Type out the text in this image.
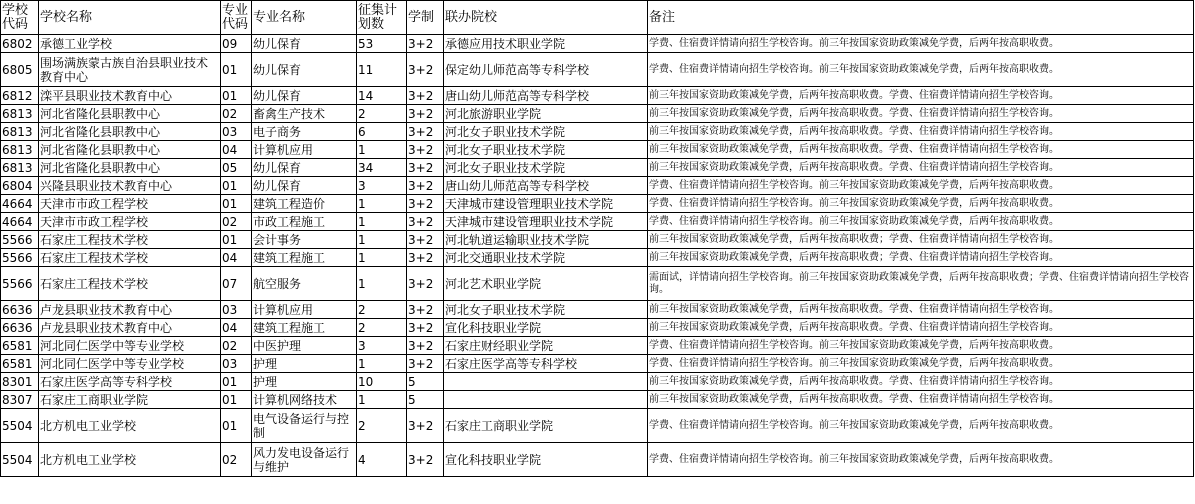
学校代码	学校名称	专业代码	专业名称	征集计划数	学制	联办院校	备注
6802	承德工业学校	09	幼儿保育	53	3+2	承德应用技术职业学院	学费、住宿费详情请向招生学校咨询。前三年按国家资助政策减免学费，后两年按高职收费。
6805	围场满族蒙古族自治县职业技术教育中心	01	幼儿保育	11	3+2	保定幼儿师范高等专科学校	学费、住宿费详情请向招生学校咨询。前三年按国家资助政策减免学费，后两年按高职收费。
6812	滦平县职业技术教育中心	01	幼儿保育	14	3+2	唐山幼儿师范高等专科学校	前三年按国家资助政策减免学费，后两年按高职收费。学费、住宿费详情请向招生学校咨询。
6813	河北省隆化县职教中心	02	畜禽生产技术	2	3+2	河北旅游职业学院	前三年按国家资助政策减免学费，后两年按高职收费。学费、住宿费详情请向招生学校咨询。
6813	河北省隆化县职教中心	03	电子商务	6	3+2	河北女子职业技术学院	前三年按国家资助政策减免学费，后两年按高职收费。学费、住宿费详情请向招生学校咨询。
6813	河北省隆化县职教中心	04	计算机应用	1	3+2	河北女子职业技术学院	前三年按国家资助政策减免学费，后两年按高职收费。学费、住宿费详情请向招生学校咨询。
6813	河北省隆化县职教中心	05	幼儿保育	34	3+2	河北女子职业技术学院	前三年按国家资助政策减免学费，后两年按高职收费。学费、住宿费详情请向招生学校咨询。
6804	兴隆县职业技术教育中心	01	幼儿保育	3	3+2	唐山幼儿师范高等专科学校	学费、住宿费详情请向招生学校咨询。前三年按国家资助政策减免学费，后两年按高职收费。
4664	天津市市政工程学校	01	建筑工程造价	1	3+2	天津城市建设管理职业技术学院	学费、住宿费详情请向招生学校咨询。前三年按国家资助政策减免学费，后两年按高职收费。
4664	天津市市政工程学校	02	市政工程施工	1	3+2	天津城市建设管理职业技术学院	学费、住宿费详情请向招生学校咨询。前三年按国家资助政策减免学费，后两年按高职收费。
5566	石家庄工程技术学校	01	会计事务	1	3+2	河北轨道运输职业技术学院	前三年按国家资助政策减免学费，后两年按高职收费；学费、住宿费详情请向招生学校咨询。
5566	石家庄工程技术学校	04	建筑工程施工	1	3+2	河北交通职业技术学院	前三年按国家资助政策减免学费，后两年按高职收费；学费、住宿费详情请向招生学校咨询。
5566	石家庄工程技术学校	07	航空服务	1	3+2	河北艺术职业学院	需面试，详情请向招生学校咨询。前三年按国家资助政策减免学费，后两年按高职收费；学费、住宿费详情请向招生学校咨询。
6636	卢龙县职业技术教育中心	03	计算机应用	2	3+2	河北女子职业技术学院	前三年按国家资助政策减免学费，后两年按高职收费。学费、住宿费详情请向招生学校咨询。
6636	卢龙县职业技术教育中心	04	建筑工程施工	2	3+2	宣化科技职业学院	前三年按国家资助政策减免学费，后两年按高职收费。学费、住宿费详情请向招生学校咨询。
6581	河北同仁医学中等专业学校	02	中医护理	3	3+2	石家庄财经职业学院	学费、住宿费详情请向招生学校咨询。前三年按国家资助政策减免学费，后两年按高职收费。
6581	河北同仁医学中等专业学校	03	护理	1	3+2	石家庄医学高等专科学校	学费、住宿费详情请向招生学校咨询。前三年按国家资助政策减免学费，后两年按高职收费。
8301	石家庄医学高等专科学校	01	护理	10	5		前三年按国家资助政策减免学费，后两年按高职收费。学费、住宿费详情请向招生学校咨询。
8307	石家庄工商职业学院	01	计算机网络技术	1	5		前三年按国家资助政策减免学费，后两年按高职收费。学费、住宿费详情请向招生学校咨询。
5504	北方机电工业学校	01	电气设备运行与控制	2	3+2	石家庄工商职业学院	学费、住宿费详情请向招生学校咨询。前三年按国家资助政策减免学费，后两年按高职收费。
5504	北方机电工业学校	02	风力发电设备运行与维护	4	3+2	宣化科技职业学院	学费、住宿费详情请向招生学校咨询。前三年按国家资助政策减免学费，后两年按高职收费。
